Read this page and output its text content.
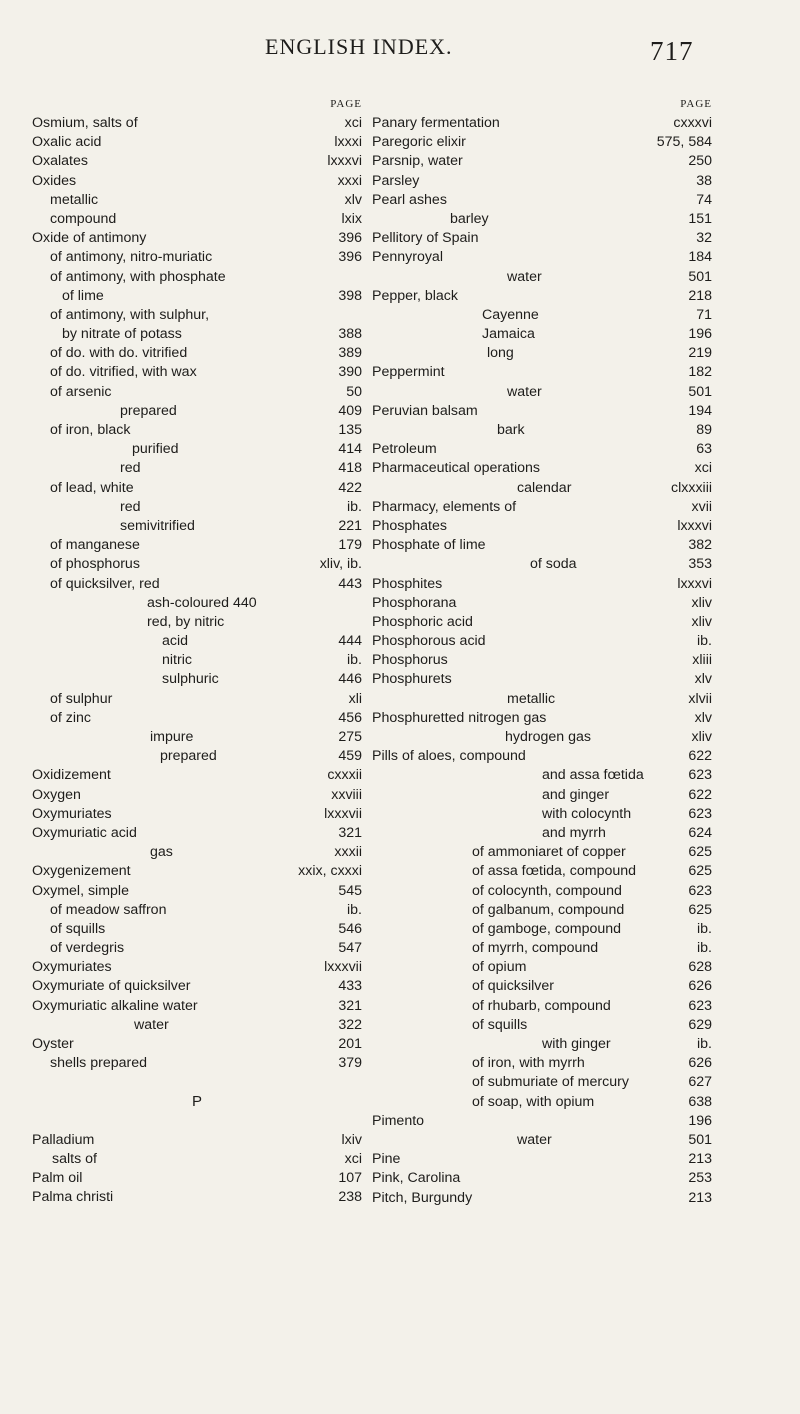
ENGLISH INDEX.	717
PAGE
Osmium, salts of	xci
Oxalic acid	lxxxi
Oxalates	lxxxvi
Oxides	xxxi
metallic	xlv
compound	lxix
Oxide of antimony	396
of antimony, nitro-muriatic	396
of antimony, with phosphate
of lime	398
of antimony, with sulphur,
by nitrate of potass	388
of do. with do. vitrified	389
of do. vitrified, with wax	390
of arsenic	50
prepared	409
of iron, black	135
purified	414
red	418
of lead, white	422
red	ib.
semivitrified	221
of manganese	179
of phosphorus	xliv, ib.
of quicksilver, red	443
ash-coloured 440
red, by nitric
acid	444
nitric	ib.
sulphuric	446
of sulphur	xli
of zinc	456
impure	275
prepared	459
Oxidizement	cxxxii
Oxygen	xxviii
Oxymuriates	lxxxvii
Oxymuriatic acid	321
gas	xxxii
Oxygenizement	xxix, cxxxi
Oxymel, simple	545
of meadow saffron	ib.
of squills	546
of verdegris	547
Oxymuriates	lxxxvii
Oxymuriate of quicksilver	433
Oxymuriatic alkaline water	321
water	322
Oyster	201
shells prepared	379
P
Palladium	lxiv
salts of	xci
Palm oil	107
Palma christi	238
PAGE
Panary fermentation	cxxxvi
Paregoric elixir	575, 584
Parsnip, water	250
Parsley	38
Pearl ashes	74
barley	151
Pellitory of Spain	32
Pennyroyal	184
water	501
Pepper, black	218
Cayenne	71
Jamaica	196
long	219
Peppermint	182
water	501
Peruvian balsam	194
bark	89
Petroleum	63
Pharmaceutical operations	xci
calendar	clxxxiii
Pharmacy, elements of	xvii
Phosphates	lxxxvi
Phosphate of lime	382
of soda	353
Phosphites	lxxxvi
Phosphorana	xliv
Phosphoric acid	xliv
Phosphorous acid	ib.
Phosphorus	xliii
Phosphurets	xlv
metallic	xlvii
Phosphuretted nitrogen gas	xlv
hydrogen gas	xliv
Pills of aloes, compound	622
and assa fœtida	623
and ginger	622
with colocynth	623
and myrrh	624
of ammoniaret of copper	625
of assa fœtida, compound	625
of colocynth, compound	623
of galbanum, compound	625
of gamboge, compound	ib.
of myrrh, compound	ib.
of opium	628
of quicksilver	626
of rhubarb, compound	623
of squills	629
with ginger	ib.
of iron, with myrrh	626
of submuriate of mercury	627
of soap, with opium	638
Pimento	196
water	501
Pine	213
Pink, Carolina	253
Pitch, Burgundy	213
